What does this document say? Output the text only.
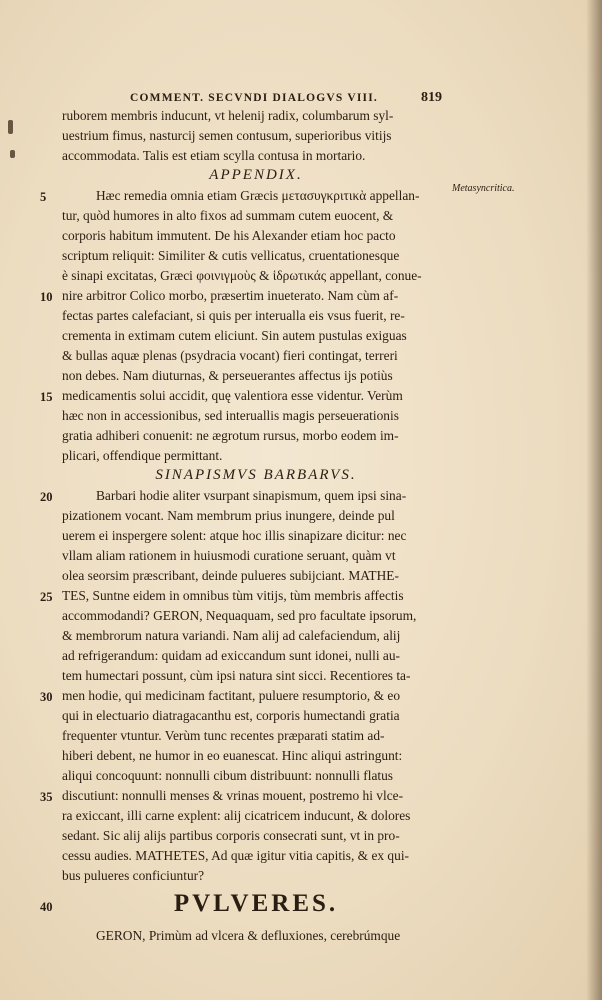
COMMENT. SECVNDI DIALOGVS VIII.	819
ruborem membris inducunt, vt helenij radix, columbarum syl-
uestrium fimus, nasturcij semen contusum, superioribus vitijs
accommodata. Talis est etiam scylla contusa in mortario.
APPENDIX.
Metasyncritica.
Hæc remedia omnia etiam Græcis μετασυγκριτικὰ appellan-
tur, quòd humores in alto fixos ad summam cutem euocent, &
corporis habitum immutent. De his Alexander etiam hoc pacto
scriptum reliquit: Similiter & cutis vellicatus, cruentationesque
è sinapi excitatas, Græci φοινιγμοὺς & ἱδρωτικάς appellant, conue-
nire arbitror Colico morbo, præsertim inueterato. Nam cùm af-
fectas partes calefaciant, si quis per interualla eis vsus fuerit, re-
crementa in extimam cutem eliciunt. Sin autem pustulas exiguas
& bullas aquæ plenas (psydracia vocant) fieri contingat, terreri
non debes. Nam diuturnas, & perseuerantes affectus ijs potiùs
medicamentis solui accidit, quę valentiora esse videntur. Verùm
hæc non in accessionibus, sed interuallis magis perseuerationis
gratia adhiberi conuenit: ne ægrotum rursus, morbo eodem im-
plicari, offendique permittant.
SINAPISMVS BARBARVS.
Barbari hodie aliter vsurpant sinapismum, quem ipsi sina-
pizationem vocant. Nam membrum prius inungere, deinde pul
uerem ei inspergere solent: atque hoc illis sinapizare dicitur: nec
vllam aliam rationem in huiusmodi curatione seruant, quàm vt
olea seorsim præscribant, deinde pulueres subijciant. MATHE-
TES, Suntne eidem in omnibus tùm vitijs, tùm membris affectis
accommodandi? GERON, Nequaquam, sed pro facultate ipsorum,
& membrorum natura variandi. Nam alij ad calefaciendum, alij
ad refrigerandum: quidam ad exiccandum sunt idonei, nulli au-
tem humectari possunt, cùm ipsi natura sint sicci. Recentiores ta-
men hodie, qui medicinam factitant, puluere resumptorio, & eo
qui in electuario diatragacanthu est, corporis humectandi gratia
frequenter vtuntur. Verùm tunc recentes præparati statim ad-
hiberi debent, ne humor in eo euanescat. Hinc aliqui astringunt:
aliqui concoquunt: nonnulli cibum distribuunt: nonnulli flatus
discutiunt: nonnulli menses & vrinas mouent, postremo hi vlce-
ra exiccant, illi carne explent: alij cicatricem inducunt, & dolores
sedant. Sic alij alijs partibus corporis consecrati sunt, vt in pro-
cessu audies. MATHETES, Ad quæ igitur vitia capitis, & ex qui-
bus pulueres conficiuntur?
PVLVERES.
GERON, Primùm ad vlcera & defluxiones, cerebrúmque
5
10
15
20
25
30
35
40
